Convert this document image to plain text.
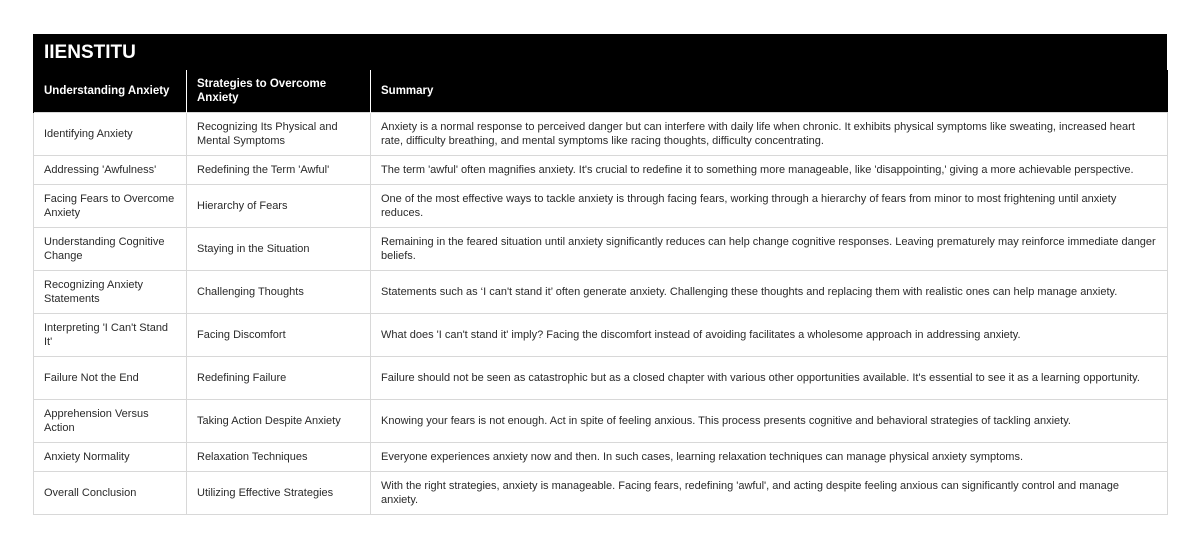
IIENSTITU
Understanding Anxiety	Strategies to Overcome Anxiety	Summary
Identifying Anxiety	Recognizing Its Physical and Mental Symptoms	Anxiety is a normal response to perceived danger but can interfere with daily life when chronic. It exhibits physical symptoms like sweating, increased heart rate, difficulty breathing, and mental symptoms like racing thoughts, difficulty concentrating.
Addressing 'Awfulness'	Redefining the Term 'Awful'	The term 'awful' often magnifies anxiety. It's crucial to redefine it to something more manageable, like 'disappointing,' giving a more achievable perspective.
Facing Fears to Overcome Anxiety	Hierarchy of Fears	One of the most effective ways to tackle anxiety is through facing fears, working through a hierarchy of fears from minor to most frightening until anxiety reduces.
Understanding Cognitive Change	Staying in the Situation	Remaining in the feared situation until anxiety significantly reduces can help change cognitive responses. Leaving prematurely may reinforce immediate danger beliefs.
Recognizing Anxiety Statements	Challenging Thoughts	Statements such as ‘I can't stand it’ often generate anxiety. Challenging these thoughts and replacing them with realistic ones can help manage anxiety.
Interpreting 'I Can't Stand It'	Facing Discomfort	What does 'I can't stand it' imply? Facing the discomfort instead of avoiding facilitates a wholesome approach in addressing anxiety.
Failure Not the End	Redefining Failure	Failure should not be seen as catastrophic but as a closed chapter with various other opportunities available. It's essential to see it as a learning opportunity.
Apprehension Versus Action	Taking Action Despite Anxiety	Knowing your fears is not enough. Act in spite of feeling anxious. This process presents cognitive and behavioral strategies of tackling anxiety.
Anxiety Normality	Relaxation Techniques	Everyone experiences anxiety now and then. In such cases, learning relaxation techniques can manage physical anxiety symptoms.
Overall Conclusion	Utilizing Effective Strategies	With the right strategies, anxiety is manageable. Facing fears, redefining 'awful', and acting despite feeling anxious can significantly control and manage anxiety.
